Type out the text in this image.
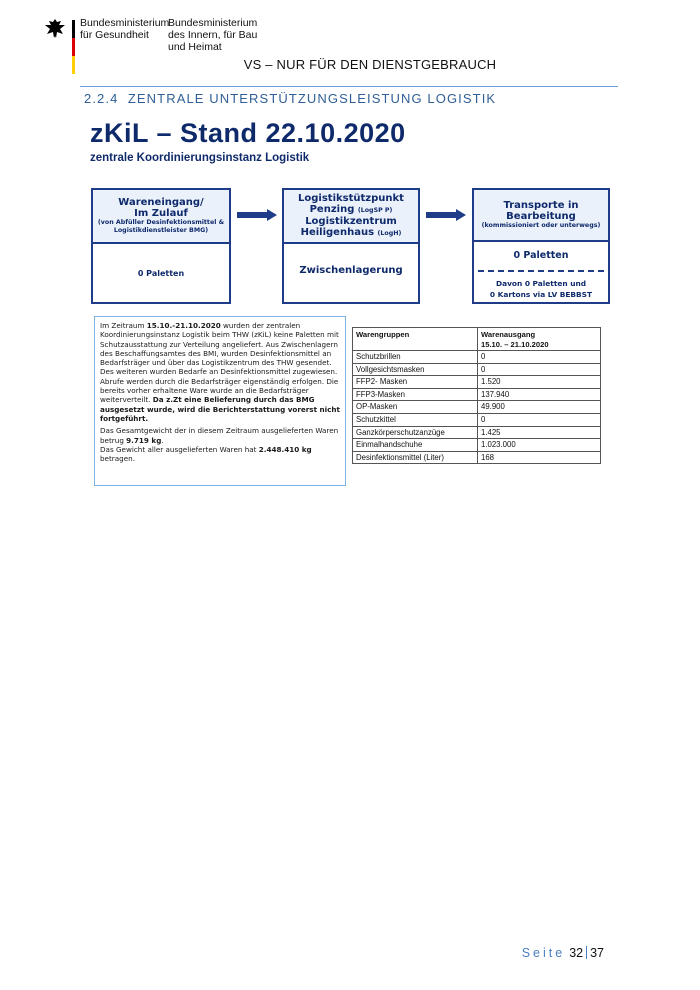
Bundesministerium
für Gesundheit
Bundesministerium
des Innern, für Bau
und Heimat
VS – NUR FÜR DEN DIENSTGEBRAUCH
2.2.4 ZENTRALE UNTERSTÜTZUNGSLEISTUNG LOGISTIK
zKiL – Stand 22.10.2020
zentrale Koordinierungsinstanz Logistik
Wareneingang/
Im Zulauf
(von Abfüller Desinfektionsmittel &
Logistikdienstleister BMG)
0 Paletten
Logistikstützpunkt
Penzing (LogSP P)
Logistikzentrum
Heiligenhaus (LogH)
Zwischenlagerung
Transporte in
Bearbeitung
(kommissioniert oder unterwegs)
0 Paletten
Davon 0 Paletten und
0 Kartons via LV BEBBST

Im Zeitraum 15.10.-21.10.2020 wurden der zentralen Koordinierungsinstanz Logistik beim THW (zKiL) keine Paletten mit Schutzausstattung zur Verteilung angeliefert. Aus Zwischenlagern des Beschaffungsamtes des BMI, wurden Desinfektionsmittel an Bedarfsträger und über das Logistikzentrum des THW gesendet. Des weiteren wurden Bedarfe an Desinfektionsmittel zugewiesen. Abrufe werden durch die Bedarfsträger eigenständig erfolgen. Die bereits vorher erhaltene Ware wurde an die Bedarfsträger weiterverteilt. Da z.Zt eine Belieferung durch das BMG ausgesetzt wurde, wird die Berichterstattung vorerst nicht fortgeführt.

Das Gesamtgewicht der in diesem Zeitraum ausgelieferten Waren betrug 9.719 kg.

Das Gewicht aller ausgelieferten Waren hat 2.448.410 kg betragen.

Warengruppen	Warenausgang
15.10. – 21.10.2020

Schutzbrillen	0
Vollgesichtsmasken	0
FFP2- Masken	1.520
FFP3-Masken	137.940
OP-Masken	49.900
Schutzkittel	0
Ganzkörperschutzanzüge	1.425
Einmalhandschuhe	1.023.000
Desinfektionsmittel (Liter)	168
Seite 32 37
